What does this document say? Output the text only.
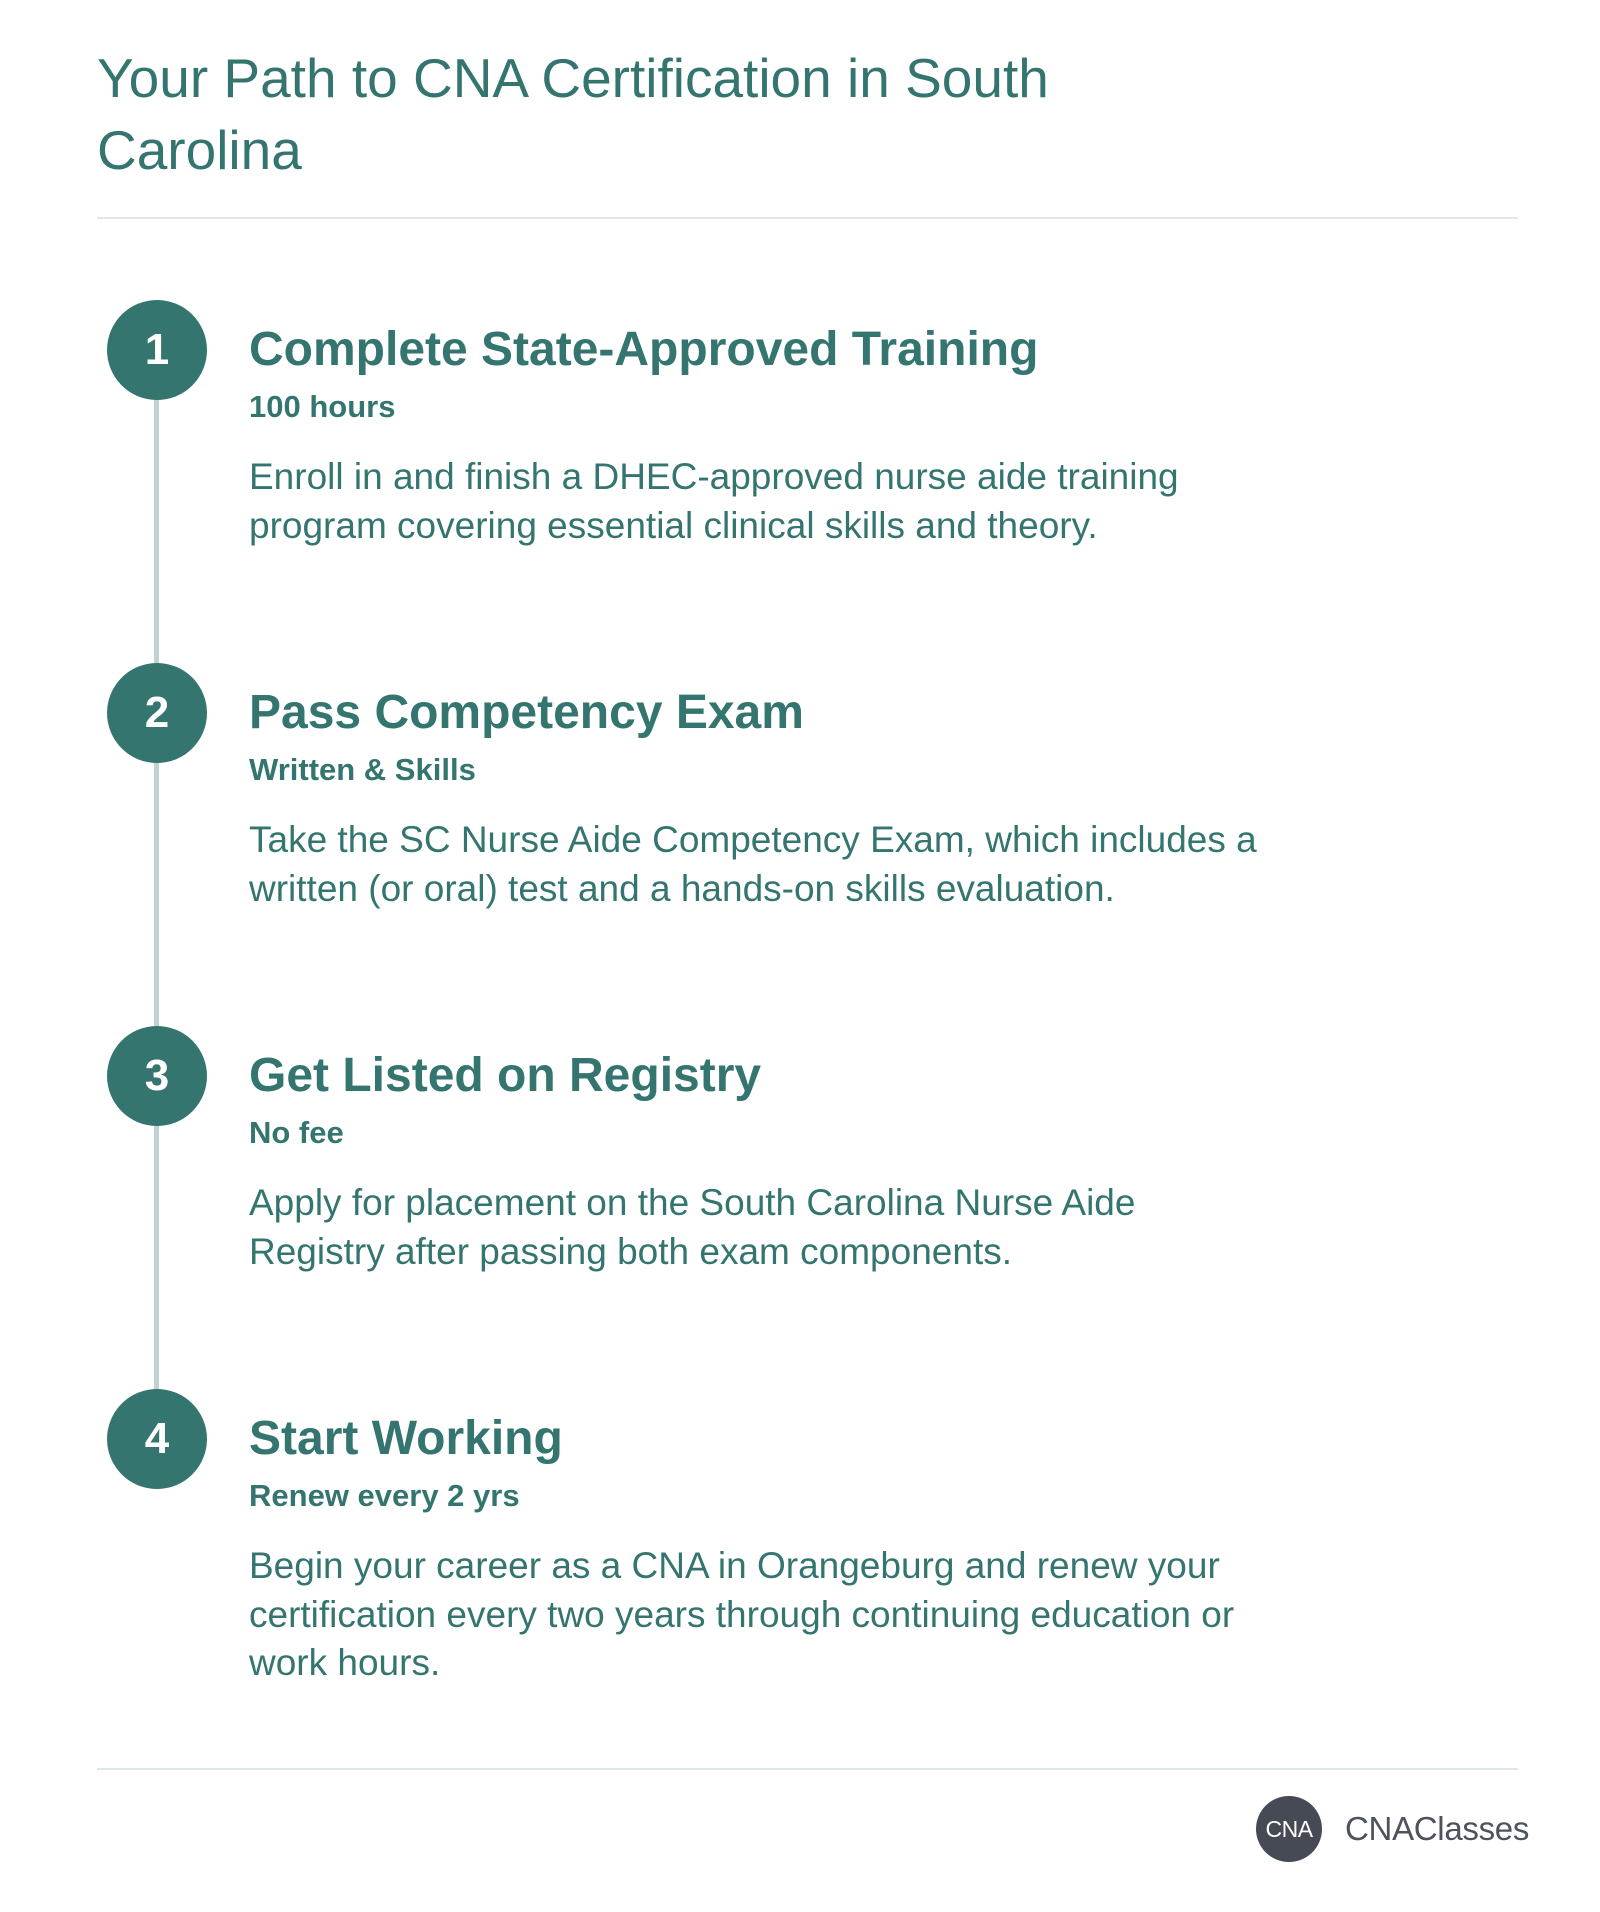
Your Path to CNA Certification in South Carolina
1	Complete State-Approved Training
100 hours

Enroll in and finish a DHEC-approved nurse aide training program covering essential clinical skills and theory.

2	Pass Competency Exam
Written & Skills

Take the SC Nurse Aide Competency Exam, which includes a written (or oral) test and a hands-on skills evaluation.

3	Get Listed on Registry
No fee

Apply for placement on the South Carolina Nurse Aide Registry after passing both exam components.

4	Start Working
Renew every 2 yrs

Begin your career as a CNA in Orangeburg and renew your certification every two years through continuing education or work hours.

CNA CNAClasses
